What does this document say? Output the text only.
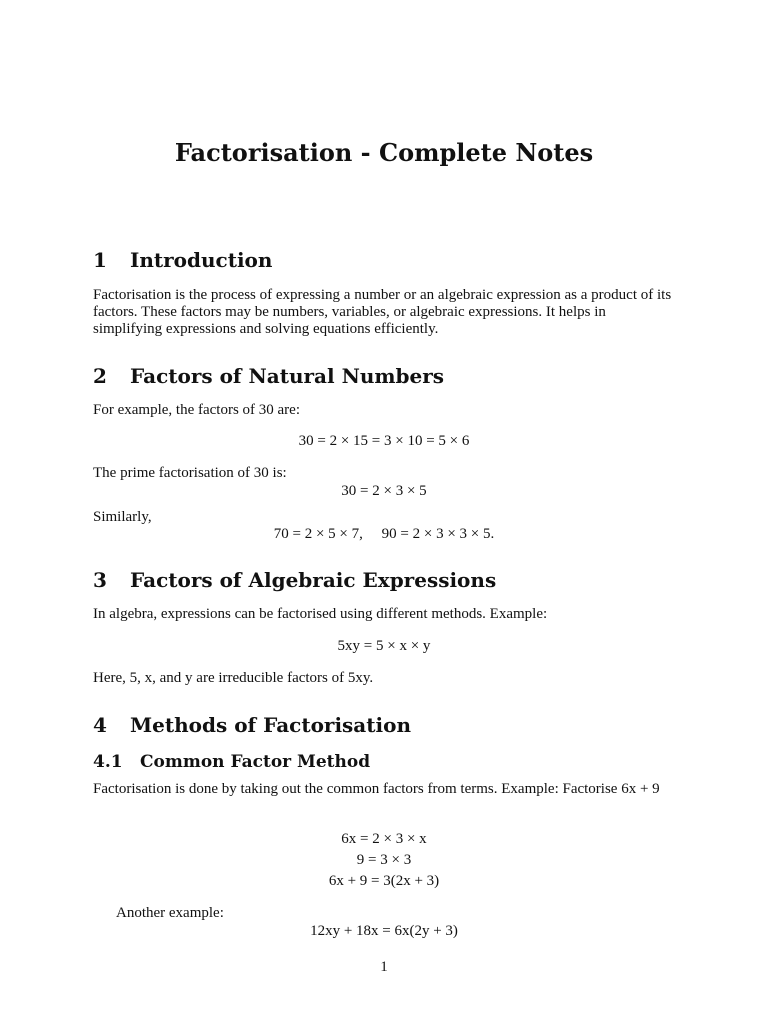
Factorisation - Complete Notes
1 Introduction
Factorisation is the process of expressing a number or an algebraic expression as a product of its factors. These factors may be numbers, variables, or algebraic expressions. It helps in simplifying expressions and solving equations efficiently.
2 Factors of Natural Numbers
For example, the factors of 30 are:
30 = 2 × 15 = 3 × 10 = 5 × 6
The prime factorisation of 30 is:
30 = 2 × 3 × 5
Similarly,
70 = 2 × 5 × 7,     90 = 2 × 3 × 3 × 5.
3 Factors of Algebraic Expressions
In algebra, expressions can be factorised using different methods. Example:
5xy = 5 × x × y
Here, 5, x, and y are irreducible factors of 5xy.
4 Methods of Factorisation
4.1 Common Factor Method
Factorisation is done by taking out the common factors from terms. Example: Factorise 6x + 9
6x = 2 × 3 × x
9 = 3 × 3
6x + 9 = 3(2x + 3)
Another example:
12xy + 18x = 6x(2y + 3)
1
